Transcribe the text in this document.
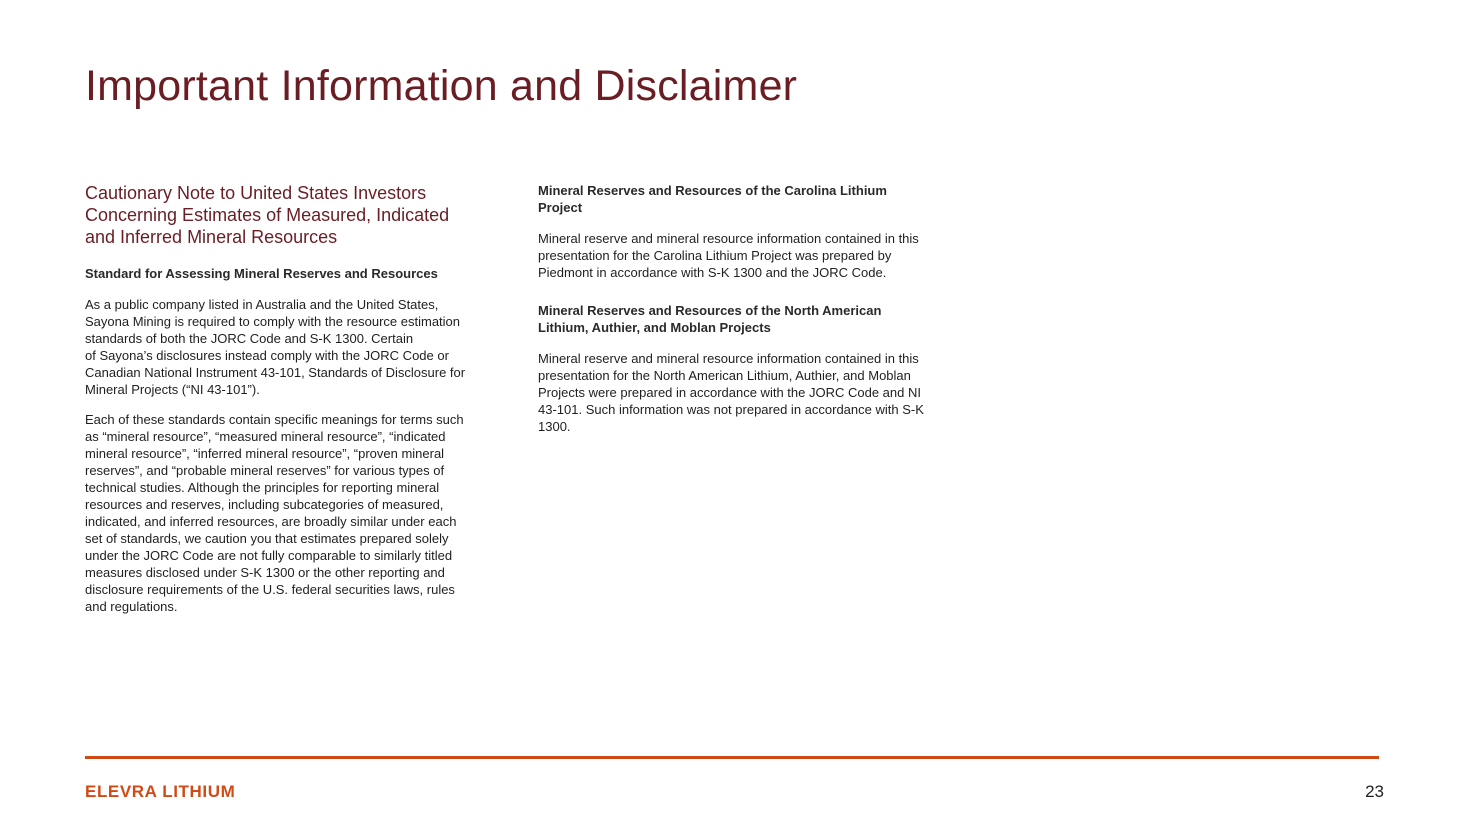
Important Information and Disclaimer
Cautionary Note to United States Investors Concerning Estimates of Measured, Indicated and Inferred Mineral Resources
Standard for Assessing Mineral Reserves and Resources

As a public company listed in Australia and the United States, Sayona Mining is required to comply with the resource estimation standards of both the JORC Code and S-K 1300. Certain
of Sayona’s disclosures instead comply with the JORC Code or Canadian National Instrument 43-101, Standards of Disclosure for Mineral Projects (“NI 43-101”).

Each of these standards contain specific meanings for terms such as “mineral resource”, “measured mineral resource”, “indicated mineral resource”, “inferred mineral resource”, “proven mineral reserves”, and “probable mineral reserves” for various types of technical studies. Although the principles for reporting mineral resources and reserves, including subcategories of measured, indicated, and inferred resources, are broadly similar under each set of standards, we caution you that estimates prepared solely under the JORC Code are not fully comparable to similarly titled measures disclosed under S-K 1300 or the other reporting and disclosure requirements of the U.S. federal securities laws, rules and regulations.

Mineral Reserves and Resources of the Carolina Lithium Project

Mineral reserve and mineral resource information contained in this presentation for the Carolina Lithium Project was prepared by Piedmont in accordance with S-K 1300 and the JORC Code.

Mineral Reserves and Resources of the North American Lithium, Authier, and Moblan Projects

Mineral reserve and mineral resource information contained in this presentation for the North American Lithium, Authier, and Moblan Projects were prepared in accordance with the JORC Code and NI 43-101. Such information was not prepared in accordance with S-K 1300.

ELEVRA LITHIUM	23
